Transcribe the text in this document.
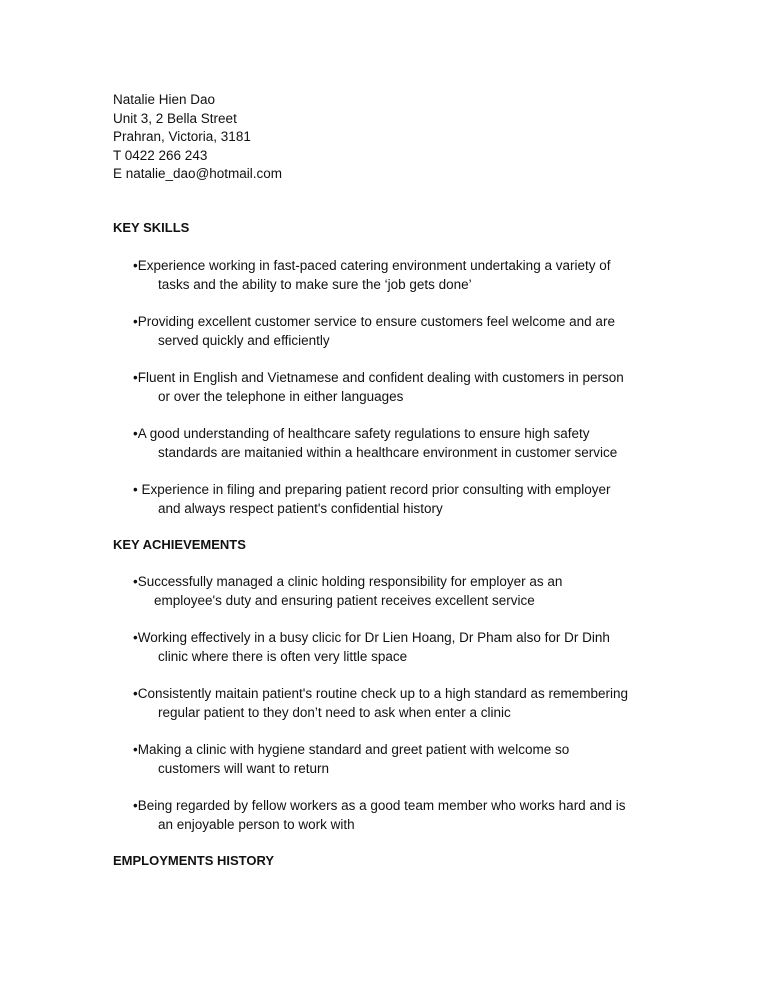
Natalie Hien Dao
Unit 3, 2 Bella Street
Prahran, Victoria, 3181
T 0422 266 243
E natalie_dao@hotmail.com
KEY SKILLS
•Experience working in fast-paced catering environment undertaking a variety of
tasks and the ability to make sure the ‘job gets done’
•Providing excellent customer service to ensure customers feel welcome and are
served quickly and efficiently
•Fluent in English and Vietnamese and confident dealing with customers in person
or over the telephone in either languages
•A good understanding of healthcare safety regulations to ensure high safety
standards are maitanied within a healthcare environment in customer service
• Experience in filing and preparing patient record prior consulting with employer
and always respect patient's confidential history
KEY ACHIEVEMENTS
•Successfully managed a clinic holding responsibility for employer as an
employee's duty and ensuring patient receives excellent service
•Working effectively in a busy clicic for Dr Lien Hoang, Dr Pham also for Dr Dinh
clinic where there is often very little space
•Consistently maitain patient's routine check up to a high standard as remembering
regular patient to they don’t need to ask when enter a clinic
•Making a clinic with hygiene standard and greet patient with welcome so
customers will want to return
•Being regarded by fellow workers as a good team member who works hard and is
an enjoyable person to work with
EMPLOYMENTS HISTORY
